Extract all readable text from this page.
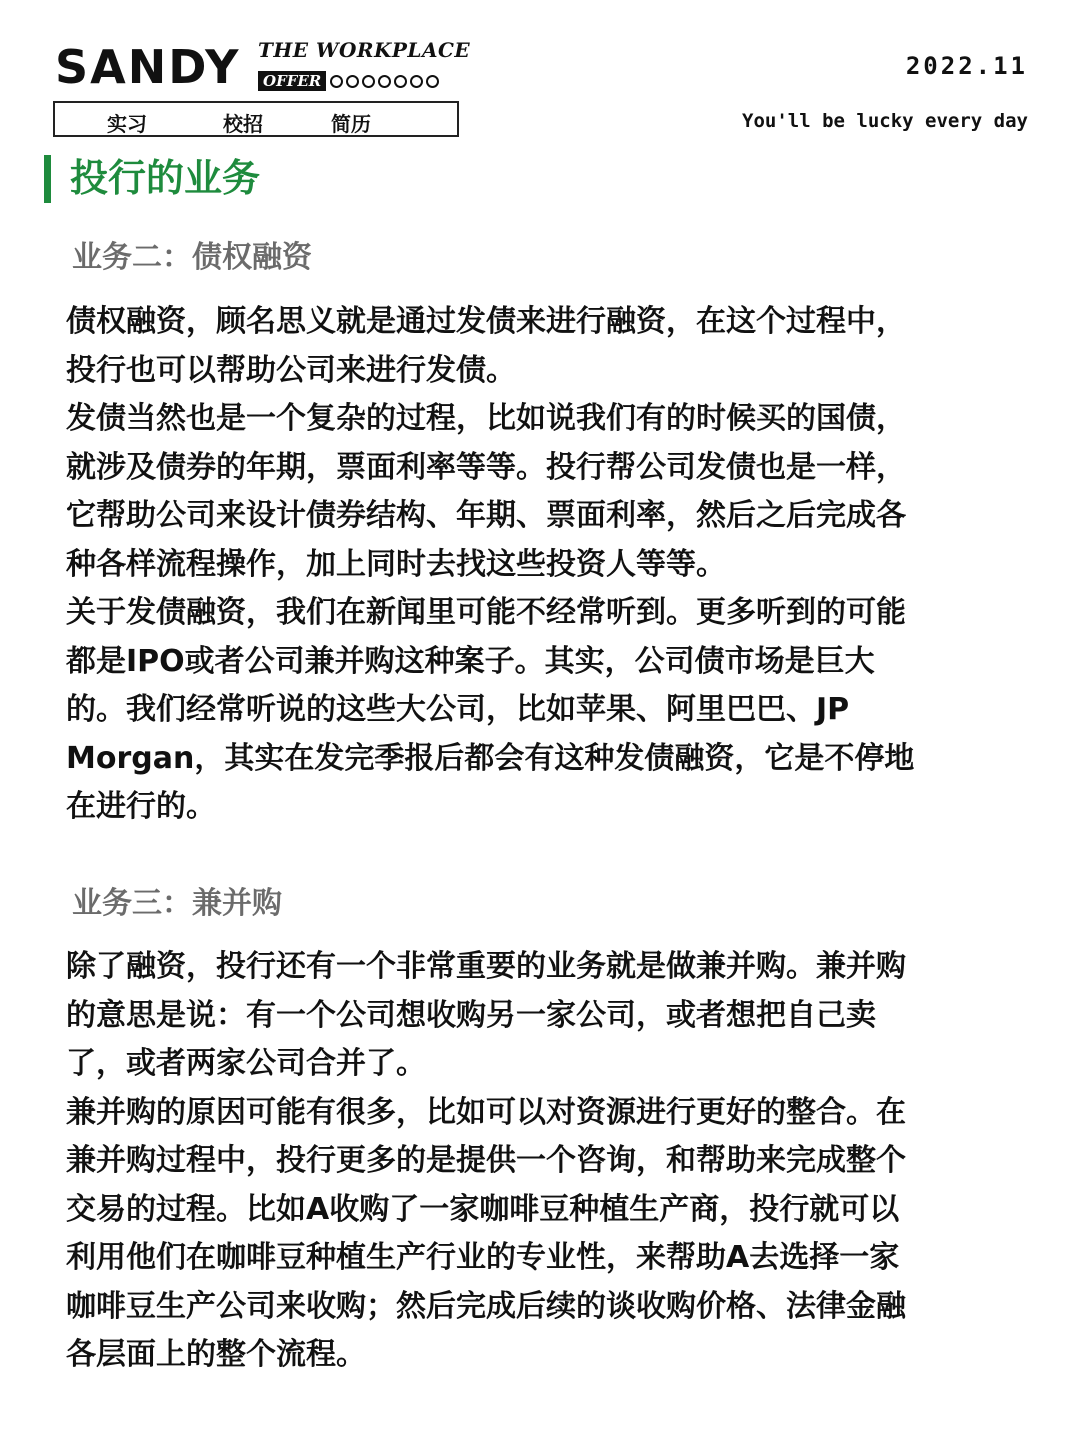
SANDY THE WORKPLACE
OFFER
实习	校招	简历
2022.11
You'll be lucky every day
投行的业务
业务二：债权融资

债权融资，顾名思义就是通过发债来进行融资，在这个过程中，

投行也可以帮助公司来进行发债。

发债当然也是一个复杂的过程，比如说我们有的时候买的国债，

就涉及债券的年期，票面利率等等。投行帮公司发债也是一样，

它帮助公司来设计债券结构、年期、票面利率，然后之后完成各

种各样流程操作，加上同时去找这些投资人等等。

关于发债融资，我们在新闻里可能不经常听到。更多听到的可能

都是IPO或者公司兼并购这种案子。其实，公司债市场是巨大

的。我们经常听说的这些大公司，比如苹果、阿里巴巴、JP

Morgan，其实在发完季报后都会有这种发债融资，它是不停地

在进行的。

业务三：兼并购

除了融资，投行还有一个非常重要的业务就是做兼并购。兼并购

的意思是说：有一个公司想收购另一家公司，或者想把自己卖

了，或者两家公司合并了。

兼并购的原因可能有很多，比如可以对资源进行更好的整合。在

兼并购过程中，投行更多的是提供一个咨询，和帮助来完成整个

交易的过程。比如A收购了一家咖啡豆种植生产商，投行就可以

利用他们在咖啡豆种植生产行业的专业性，来帮助A去选择一家

咖啡豆生产公司来收购；然后完成后续的谈收购价格、法律金融

各层面上的整个流程。
